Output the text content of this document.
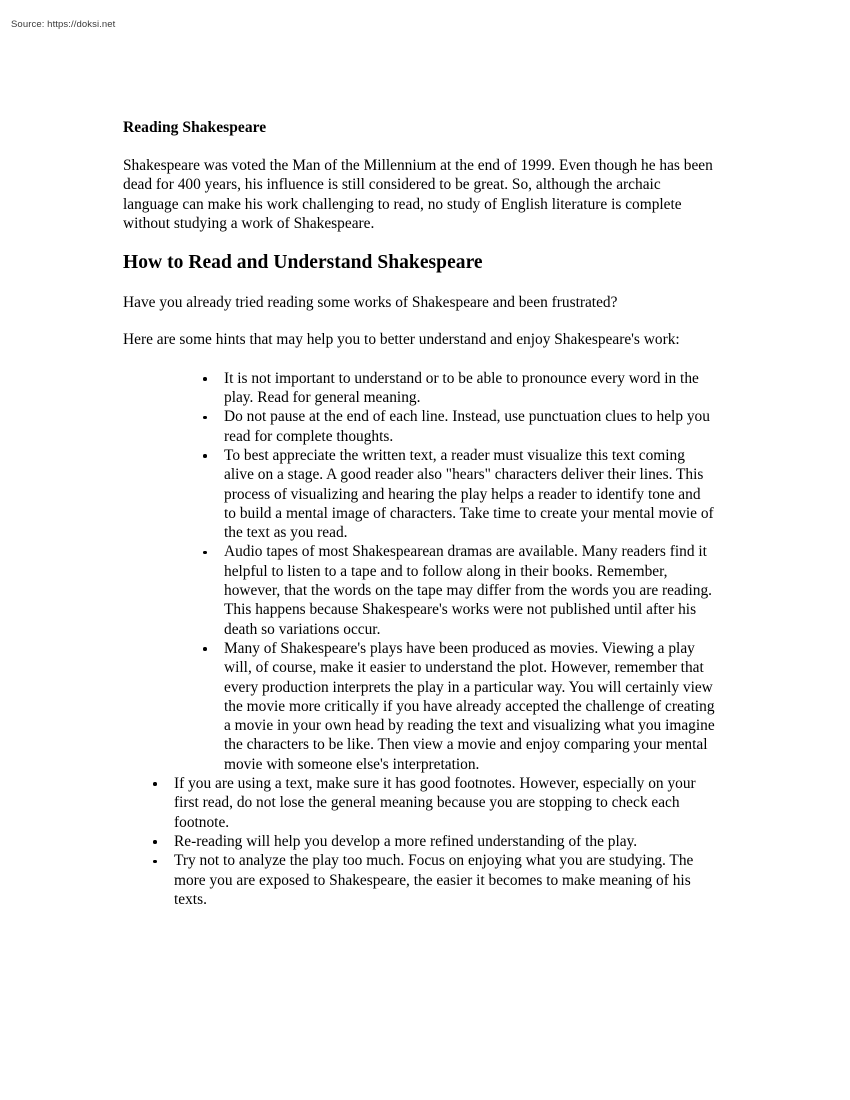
Source: https://doksi.net
Reading Shakespeare

Shakespeare was voted the Man of the Millennium at the end of 1999. Even though he has been dead for 400 years, his influence is still considered to be great. So, although the archaic language can make his work challenging to read, no study of English literature is complete without studying a work of Shakespeare.

How to Read and Understand Shakespeare

Have you already tried reading some works of Shakespeare and been frustrated?

Here are some hints that may help you to better understand and enjoy Shakespeare's work:

It is not important to understand or to be able to pronounce every word in the play. Read for general meaning.
Do not pause at the end of each line. Instead, use punctuation clues to help you read for complete thoughts.
To best appreciate the written text, a reader must visualize this text coming alive on a stage. A good reader also "hears" characters deliver their lines. This process of visualizing and hearing the play helps a reader to identify tone and to build a mental image of characters. Take time to create your mental movie of the text as you read.
Audio tapes of most Shakespearean dramas are available. Many readers find it helpful to listen to a tape and to follow along in their books. Remember, however, that the words on the tape may differ from the words you are reading. This happens because Shakespeare's works were not published until after his death so variations occur.
Many of Shakespeare's plays have been produced as movies. Viewing a play will, of course, make it easier to understand the plot. However, remember that every production interprets the play in a particular way. You will certainly view the movie more critically if you have already accepted the challenge of creating a movie in your own head by reading the text and visualizing what you imagine the characters to be like. Then view a movie and enjoy comparing your mental movie with someone else's interpretation.
If you are using a text, make sure it has good footnotes. However, especially on your first read, do not lose the general meaning because you are stopping to check each footnote.
Re-reading will help you develop a more refined understanding of the play.
Try not to analyze the play too much. Focus on enjoying what you are studying. The more you are exposed to Shakespeare, the easier it becomes to make meaning of his texts.
